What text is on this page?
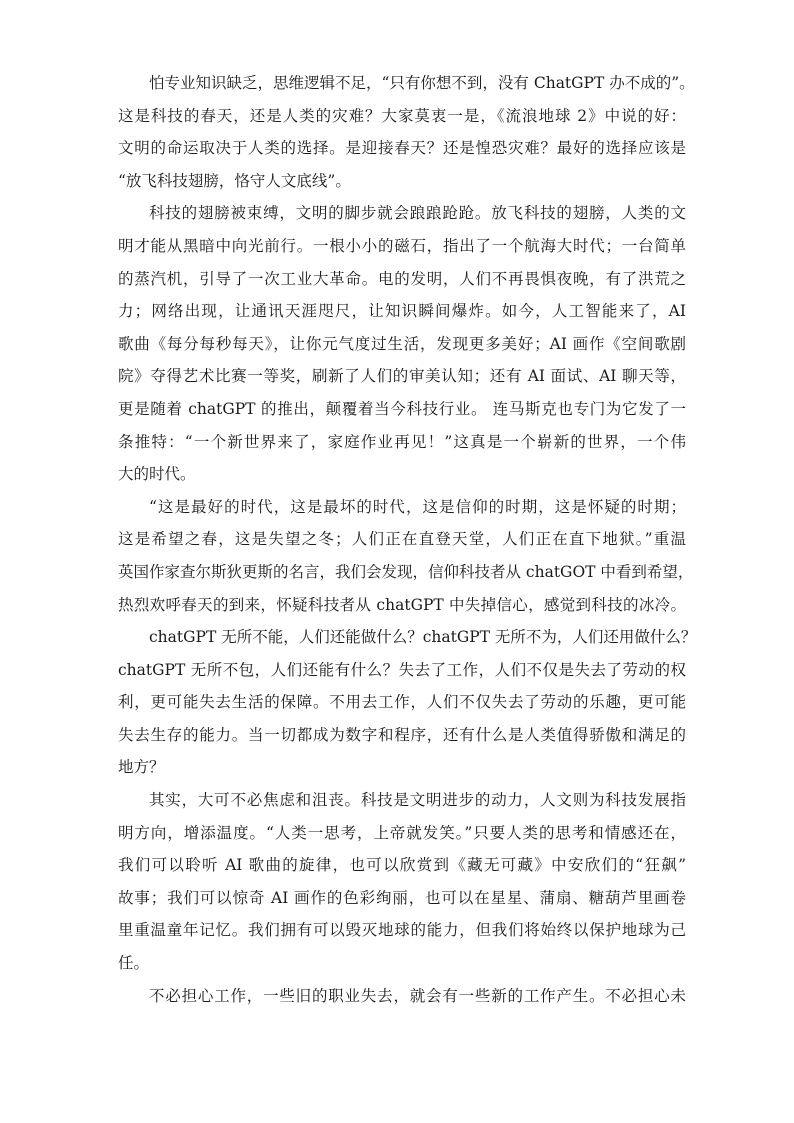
怕专业知识缺乏，思维逻辑不足，“只有你想不到，没有 ChatGPT 办不成的”。
这是科技的春天，还是人类的灾难？大家莫衷一是，《流浪地球 2》中说的好：
文明的命运取决于人类的选择。是迎接春天？还是惶恐灾难？最好的选择应该是
“放飞科技翅膀，恪守人文底线”。
科技的翅膀被束缚，文明的脚步就会踉踉跄跄。放飞科技的翅膀，人类的文
明才能从黑暗中向光前行。一根小小的磁石，指出了一个航海大时代；一台简单
的蒸汽机，引导了一次工业大革命。电的发明，人们不再畏惧夜晚，有了洪荒之
力；网络出现，让通讯天涯咫尺，让知识瞬间爆炸。如今，人工智能来了，AI
歌曲《每分每秒每天》，让你元气度过生活，发现更多美好；AI 画作《空间歌剧
院》夺得艺术比赛一等奖，刷新了人们的审美认知；还有 AI 面试、AI 聊天等，
更是随着 chatGPT 的推出，颠覆着当今科技行业。 连马斯克也专门为它发了一
条推特：“一个新世界来了，家庭作业再见！”这真是一个崭新的世界，一个伟
大的时代。
“这是最好的时代，这是最坏的时代，这是信仰的时期，这是怀疑的时期；
这是希望之春，这是失望之冬；人们正在直登天堂，人们正在直下地狱。”重温
英国作家查尔斯狄更斯的名言，我们会发现，信仰科技者从 chatGOT 中看到希望，
热烈欢呼春天的到来，怀疑科技者从 chatGPT 中失掉信心，感觉到科技的冰冷。
chatGPT 无所不能，人们还能做什么？chatGPT 无所不为，人们还用做什么？
chatGPT 无所不包，人们还能有什么？失去了工作，人们不仅是失去了劳动的权
利，更可能失去生活的保障。不用去工作，人们不仅失去了劳动的乐趣，更可能
失去生存的能力。当一切都成为数字和程序，还有什么是人类值得骄傲和满足的
地方？
其实，大可不必焦虑和沮丧。科技是文明进步的动力，人文则为科技发展指
明方向，增添温度。“人类一思考，上帝就发笑。”只要人类的思考和情感还在，
我们可以聆听 AI 歌曲的旋律，也可以欣赏到《藏无可藏》中安欣们的“狂飙”
故事；我们可以惊奇 AI 画作的色彩绚丽，也可以在星星、蒲扇、糖葫芦里画卷
里重温童年记忆。我们拥有可以毁灭地球的能力，但我们将始终以保护地球为己
任。
不必担心工作，一些旧的职业失去，就会有一些新的工作产生。不必担心未
